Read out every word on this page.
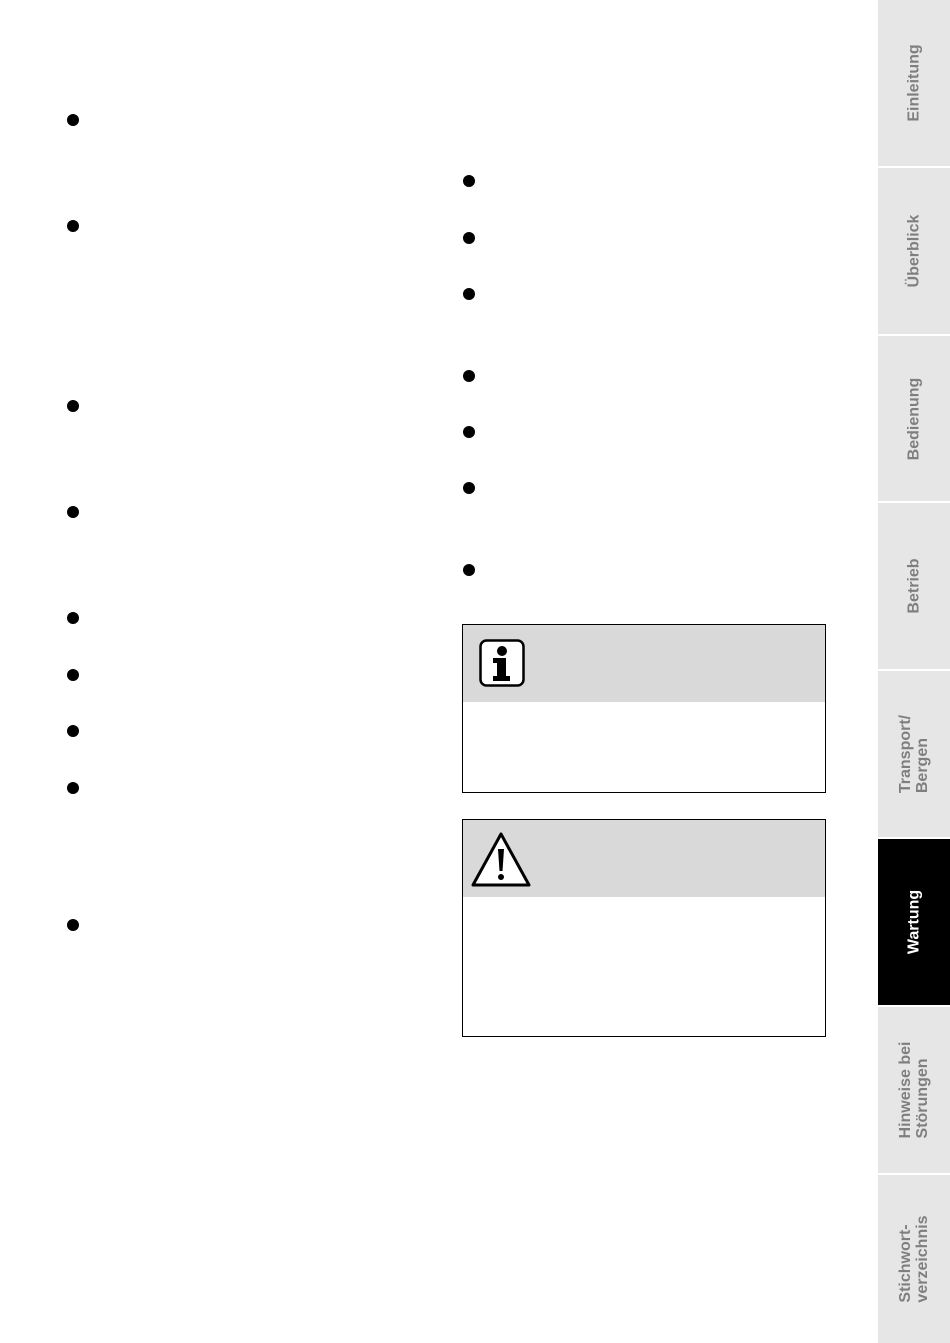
Einleitung
Überblick
Bedienung
Betrieb
Transport/
Bergen
Wartung
Hinweise bei
Störungen
Stichwort-
verzeichnis
